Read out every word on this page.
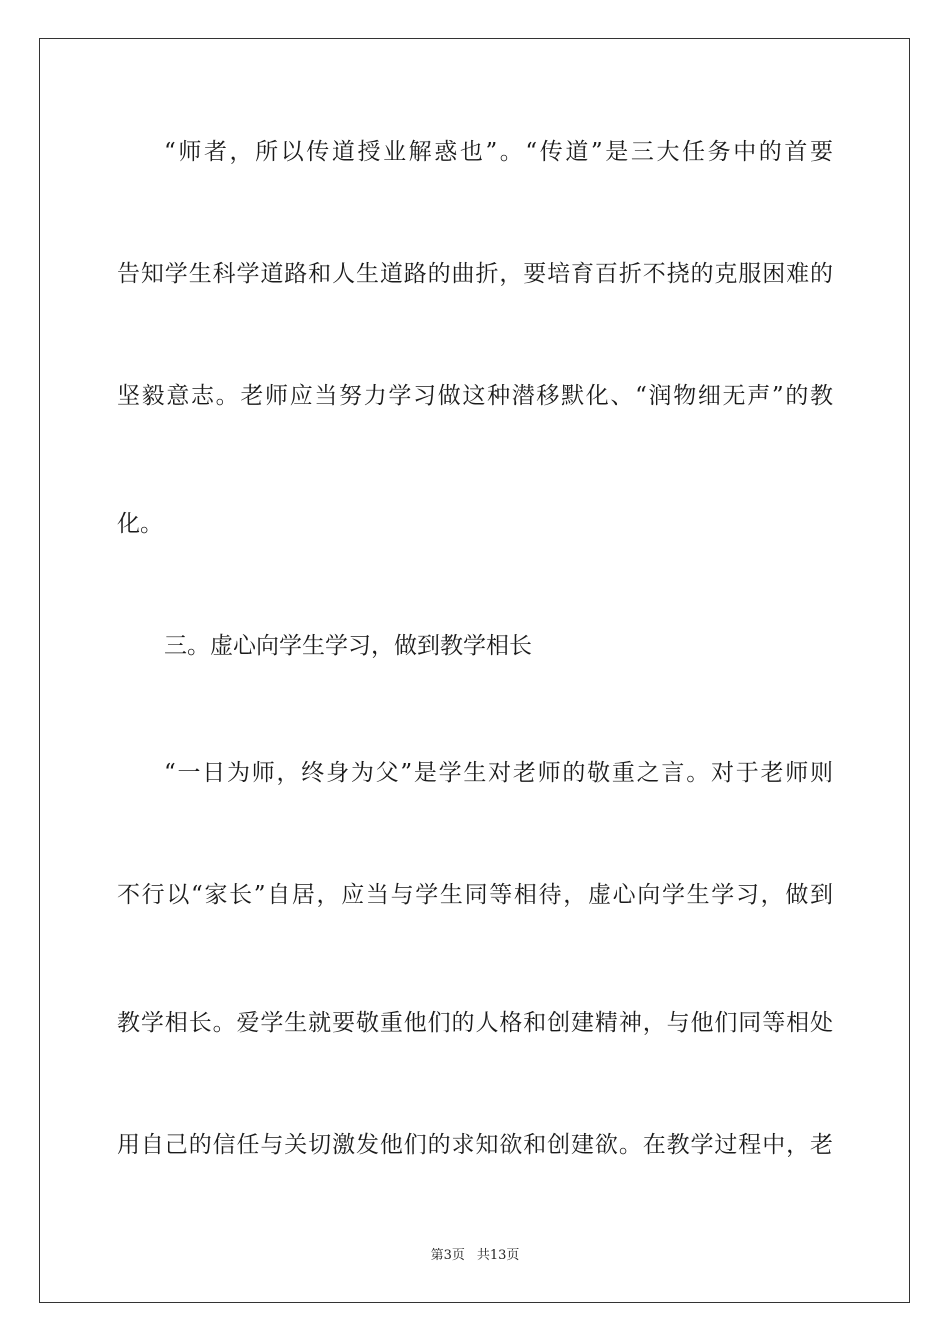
“师者，所以传道授业解惑也”。“传道”是三大任务中的首要
告知学生科学道路和人生道路的曲折，要培育百折不挠的克服困难的
坚毅意志。老师应当努力学习做这种潜移默化、“润物细无声”的教
化。
三。虚心向学生学习，做到教学相长
“一日为师，终身为父”是学生对老师的敬重之言。对于老师则
不行以“家长”自居，应当与学生同等相待，虚心向学生学习，做到
教学相长。爱学生就要敬重他们的人格和创建精神，与他们同等相处
用自己的信任与关切激发他们的求知欲和创建欲。在教学过程中，老
第3页 共13页
